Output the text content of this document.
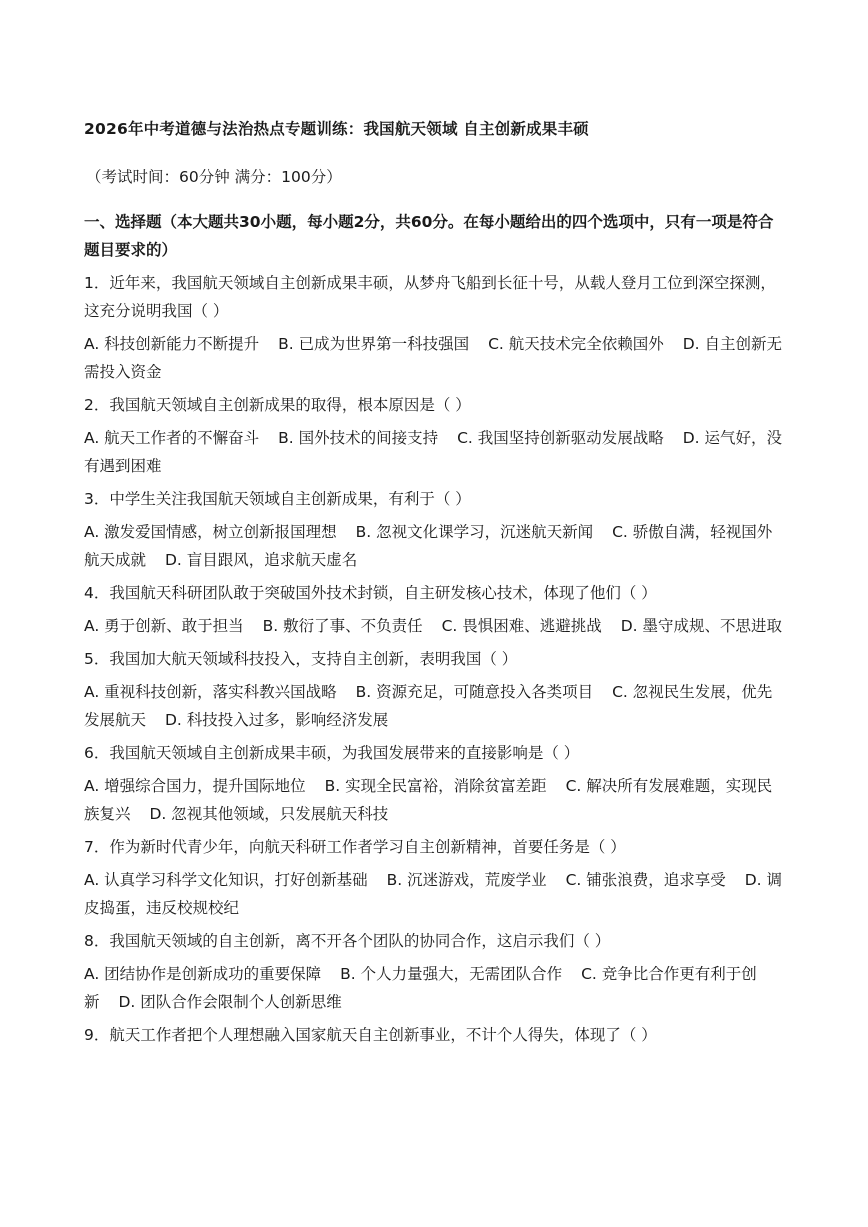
2026年中考道德与法治热点专题训练：我国航天领域 自主创新成果丰硕
（考试时间：60分钟 满分：100分）
一、选择题（本大题共30小题，每小题2分，共60分。在每小题给出的四个选项中，只有一项是符合题目要求的）
1．近年来，我国航天领域自主创新成果丰硕，从梦舟飞船到长征十号，从载人登月工位到深空探测，这充分说明我国（ ）
A. 科技创新能力不断提升 B. 已成为世界第一科技强国 C. 航天技术完全依赖国外 D. 自主创新无需投入资金
2．我国航天领域自主创新成果的取得，根本原因是（ ）
A. 航天工作者的不懈奋斗 B. 国外技术的间接支持 C. 我国坚持创新驱动发展战略 D. 运气好，没有遇到困难
3．中学生关注我国航天领域自主创新成果，有利于（ ）
A. 激发爱国情感，树立创新报国理想 B. 忽视文化课学习，沉迷航天新闻 C. 骄傲自满，轻视国外航天成就 D. 盲目跟风，追求航天虚名
4．我国航天科研团队敢于突破国外技术封锁，自主研发核心技术，体现了他们（ ）
A. 勇于创新、敢于担当 B. 敷衍了事、不负责任 C. 畏惧困难、逃避挑战 D. 墨守成规、不思进取
5．我国加大航天领域科技投入，支持自主创新，表明我国（ ）
A. 重视科技创新，落实科教兴国战略 B. 资源充足，可随意投入各类项目 C. 忽视民生发展，优先发展航天 D. 科技投入过多，影响经济发展
6．我国航天领域自主创新成果丰硕，为我国发展带来的直接影响是（ ）
A. 增强综合国力，提升国际地位 B. 实现全民富裕，消除贫富差距 C. 解决所有发展难题，实现民族复兴 D. 忽视其他领域，只发展航天科技
7．作为新时代青少年，向航天科研工作者学习自主创新精神，首要任务是（ ）
A. 认真学习科学文化知识，打好创新基础 B. 沉迷游戏，荒废学业 C. 铺张浪费，追求享受 D. 调皮捣蛋，违反校规校纪
8．我国航天领域的自主创新，离不开各个团队的协同合作，这启示我们（ ）
A. 团结协作是创新成功的重要保障 B. 个人力量强大，无需团队合作 C. 竞争比合作更有利于创新 D. 团队合作会限制个人创新思维
9．航天工作者把个人理想融入国家航天自主创新事业，不计个人得失，体现了（ ）
